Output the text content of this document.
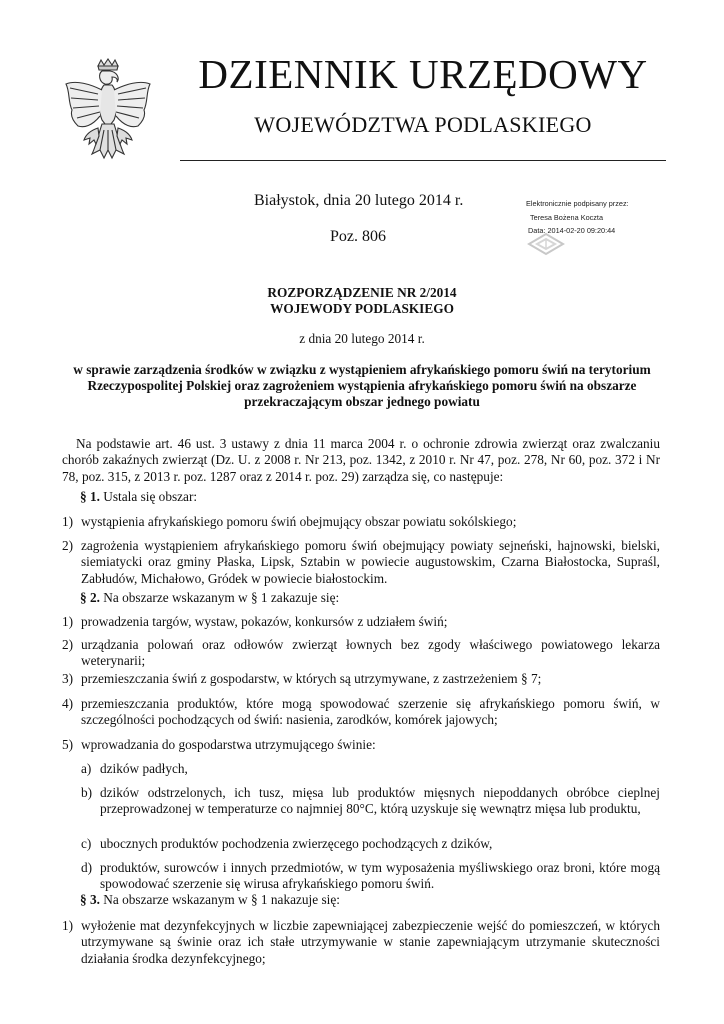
DZIENNIK URZĘDOWY
WOJEWÓDZTWA PODLASKIEGO
Białystok, dnia 20 lutego 2014 r.
Poz. 806
Elektronicznie podpisany przez:
Teresa Bożena Koczta
Data: 2014-02-20 09:20:44
ROZPORZĄDZENIE NR 2/2014
WOJEWODY PODLASKIEGO
z dnia 20 lutego 2014 r.
w sprawie zarządzenia środków w związku z wystąpieniem afrykańskiego pomoru świń na terytorium
Rzeczypospolitej Polskiej oraz zagrożeniem wystąpienia afrykańskiego pomoru świń na obszarze
przekraczającym obszar jednego powiatu
Na podstawie art. 46 ust. 3 ustawy z dnia 11 marca 2004 r. o ochronie zdrowia zwierząt oraz zwalczaniu chorób zakaźnych zwierząt (Dz. U. z 2008 r. Nr 213, poz. 1342, z 2010 r. Nr 47, poz. 278, Nr 60, poz. 372 i Nr 78, poz. 315, z 2013 r. poz. 1287 oraz z 2014 r. poz. 29) zarządza się, co następuje:
§ 1. Ustala się obszar:
1) wystąpienia afrykańskiego pomoru świń obejmujący obszar powiatu sokólskiego;
2) zagrożenia wystąpieniem afrykańskiego pomoru świń obejmujący powiaty sejneński, hajnowski, bielski, siemiatycki oraz gminy Płaska, Lipsk, Sztabin w powiecie augustowskim, Czarna Białostocka, Supraśl, Zabłudów, Michałowo, Gródek w powiecie białostockim.
§ 2. Na obszarze wskazanym w § 1 zakazuje się:
1) prowadzenia targów, wystaw, pokazów, konkursów z udziałem świń;
2) urządzania polowań oraz odłowów zwierząt łownych bez zgody właściwego powiatowego lekarza weterynarii;
3) przemieszczania świń z gospodarstw, w których są utrzymywane, z zastrzeżeniem § 7;
4) przemieszczania produktów, które mogą spowodować szerzenie się afrykańskiego pomoru świń, w szczególności pochodzących od świń: nasienia, zarodków, komórek jajowych;
5) wprowadzania do gospodarstwa utrzymującego świnie:
a) dzików padłych,
b) dzików odstrzelonych, ich tusz, mięsa lub produktów mięsnych niepoddanych obróbce cieplnej przeprowadzonej w temperaturze co najmniej 80°C, którą uzyskuje się wewnątrz mięsa lub produktu,
c) ubocznych produktów pochodzenia zwierzęcego pochodzących z dzików,
d) produktów, surowców i innych przedmiotów, w tym wyposażenia myśliwskiego oraz broni, które mogą spowodować szerzenie się wirusa afrykańskiego pomoru świń.
§ 3. Na obszarze wskazanym w § 1 nakazuje się:
1) wyłożenie mat dezynfekcyjnych w liczbie zapewniającej zabezpieczenie wejść do pomieszczeń, w których utrzymywane są świnie oraz ich stałe utrzymywanie w stanie zapewniającym utrzymanie skuteczności działania środka dezynfekcyjnego;
